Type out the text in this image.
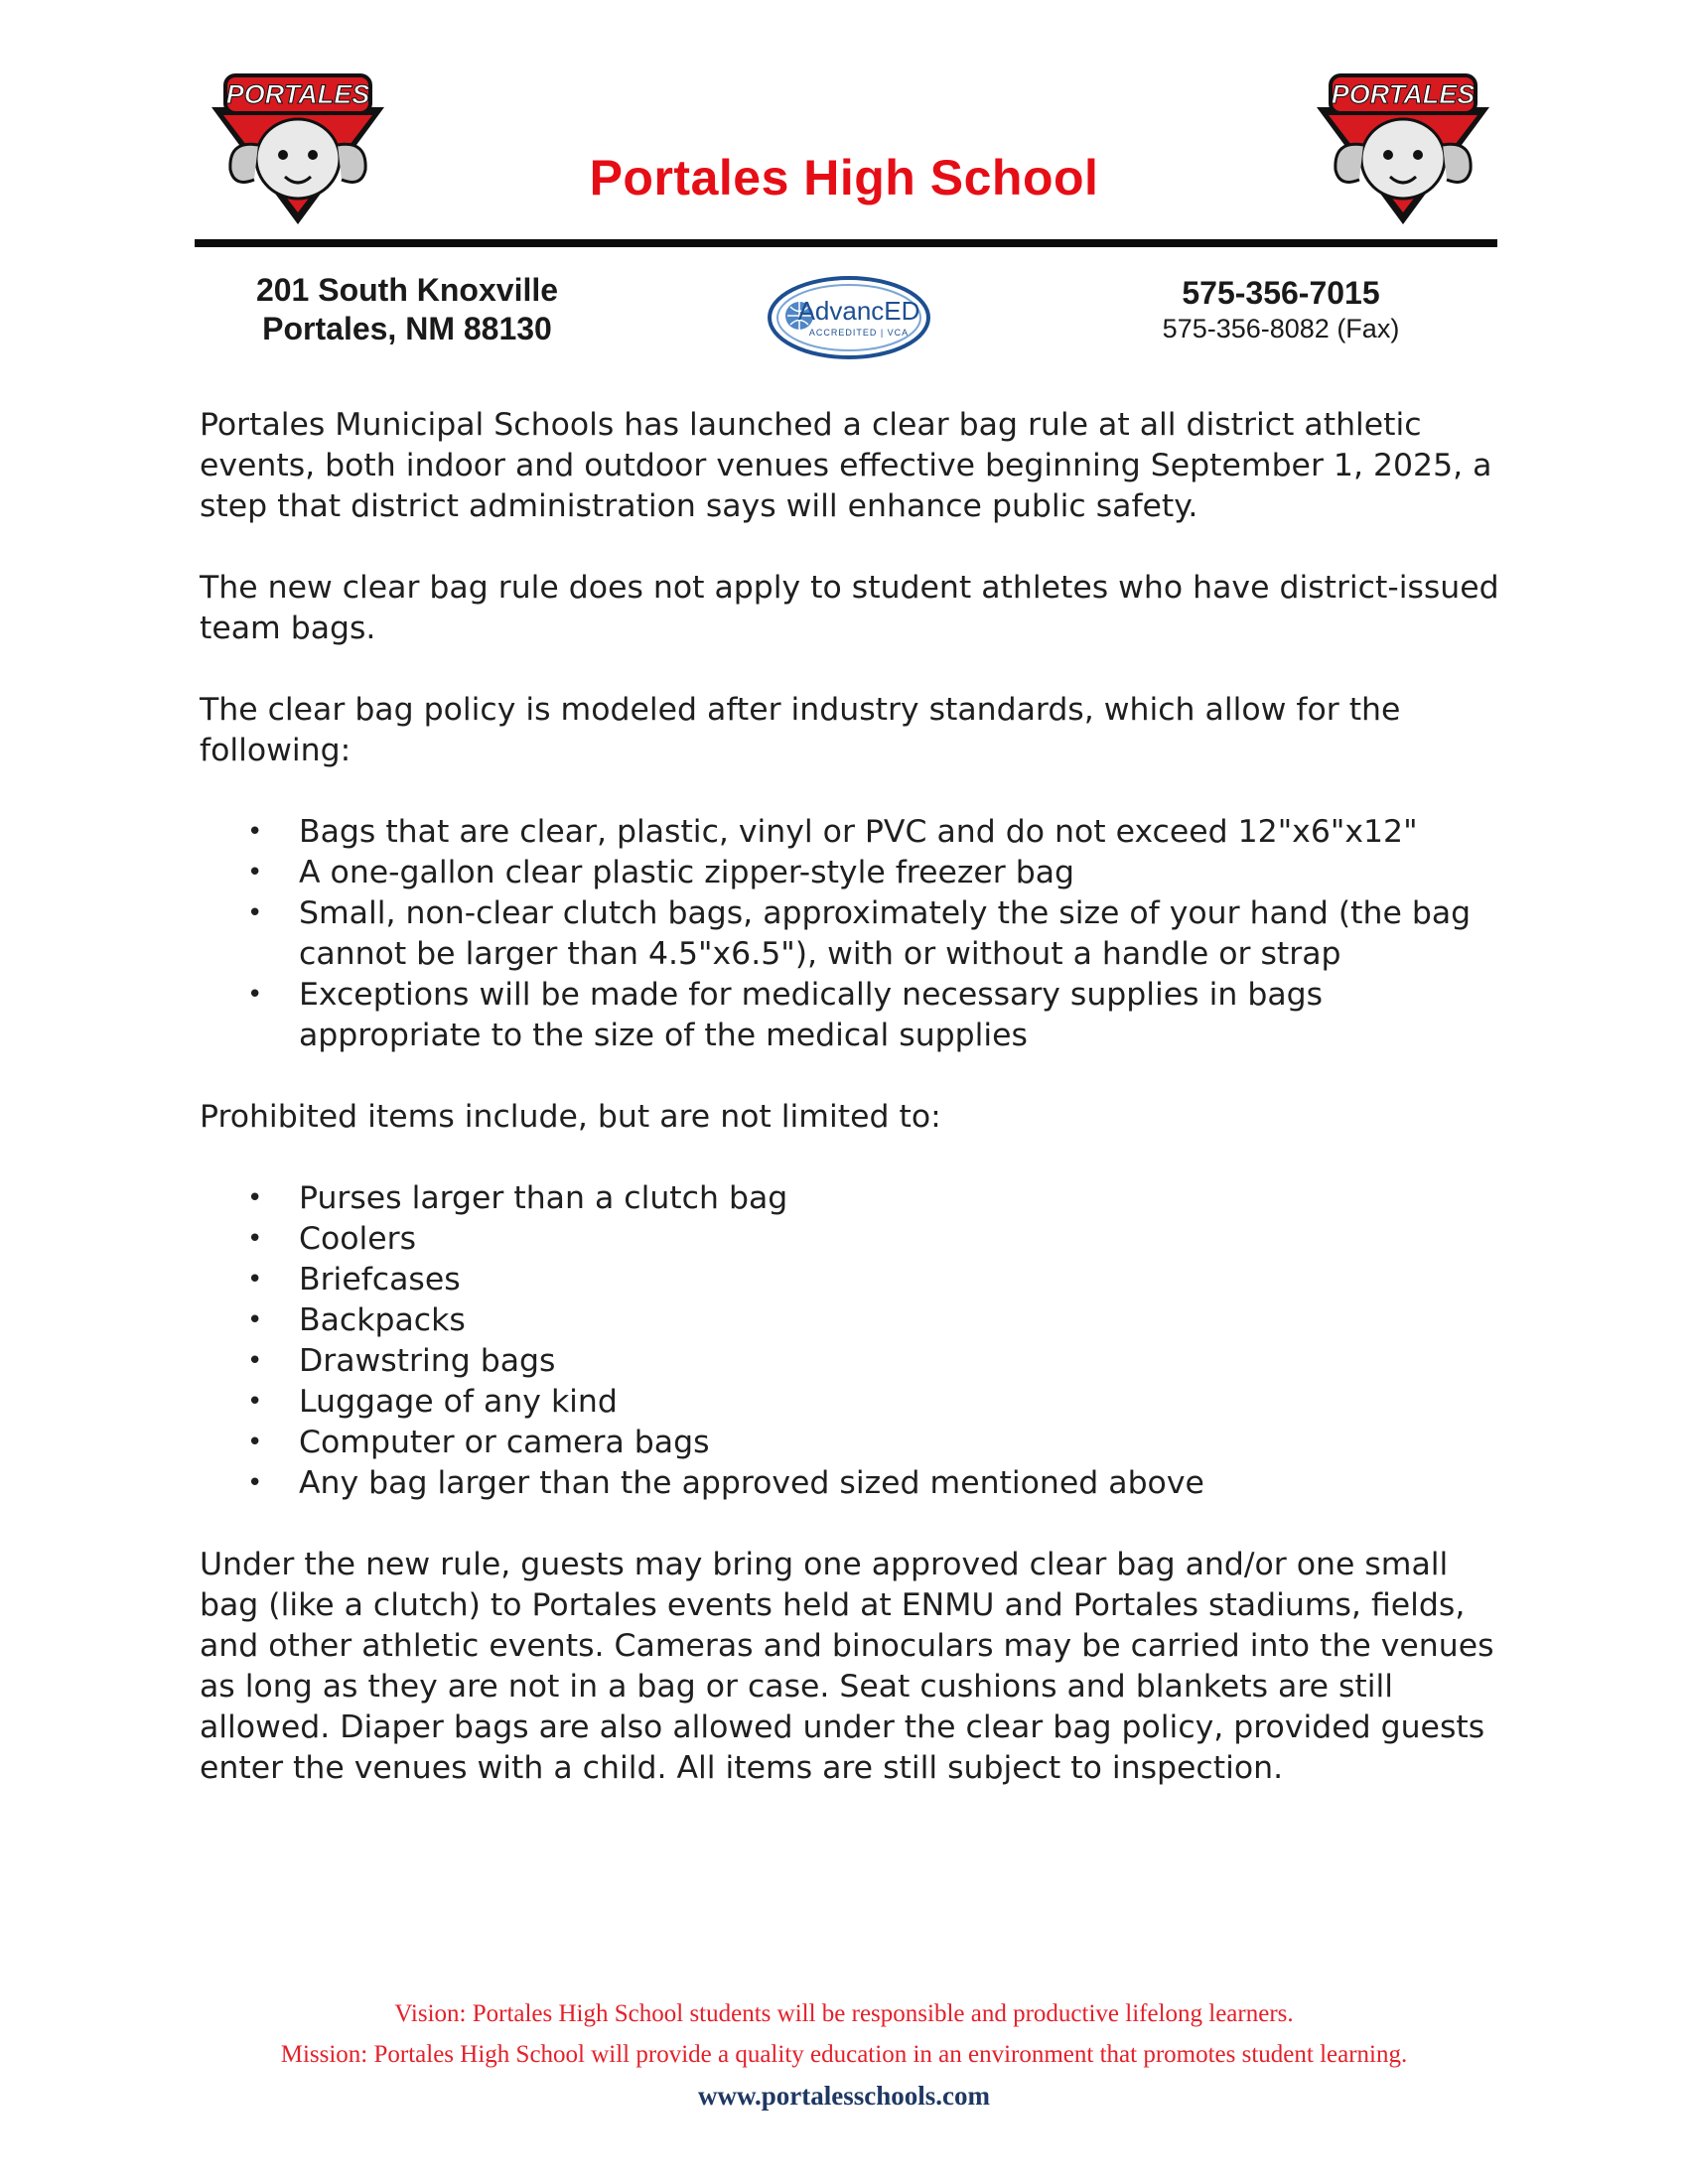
PORTALES	PORTALES
Portales High School
201 South Knoxville
Portales, NM 88130	AdvancED
ACCREDITED | VCA
575-356-7015
575-356-8082 (Fax)

Portales Municipal Schools has launched a clear bag rule at all district athletic events, both indoor and outdoor venues effective beginning September 1, 2025, a step that district administration says will enhance public safety.

The new clear bag rule does not apply to student athletes who have district-issued team bags.

The clear bag policy is modeled after industry standards, which allow for the following:

• Bags that are clear, plastic, vinyl or PVC and do not exceed 12"x6"x12"
• A one-gallon clear plastic zipper-style freezer bag
• Small, non-clear clutch bags, approximately the size of your hand (the bag cannot be larger than 4.5"x6.5"), with or without a handle or strap
• Exceptions will be made for medically necessary supplies in bags appropriate to the size of the medical supplies

Prohibited items include, but are not limited to:

• Purses larger than a clutch bag
• Coolers
• Briefcases
• Backpacks
• Drawstring bags
• Luggage of any kind
• Computer or camera bags
• Any bag larger than the approved sized mentioned above

Under the new rule, guests may bring one approved clear bag and/or one small bag (like a clutch) to Portales events held at ENMU and Portales stadiums, fields, and other athletic events. Cameras and binoculars may be carried into the venues as long as they are not in a bag or case. Seat cushions and blankets are still allowed. Diaper bags are also allowed under the clear bag policy, provided guests enter the venues with a child. All items are still subject to inspection.

Vision: Portales High School students will be responsible and productive lifelong learners.
Mission: Portales High School will provide a quality education in an environment that promotes student learning.
www.portalesschools.com
